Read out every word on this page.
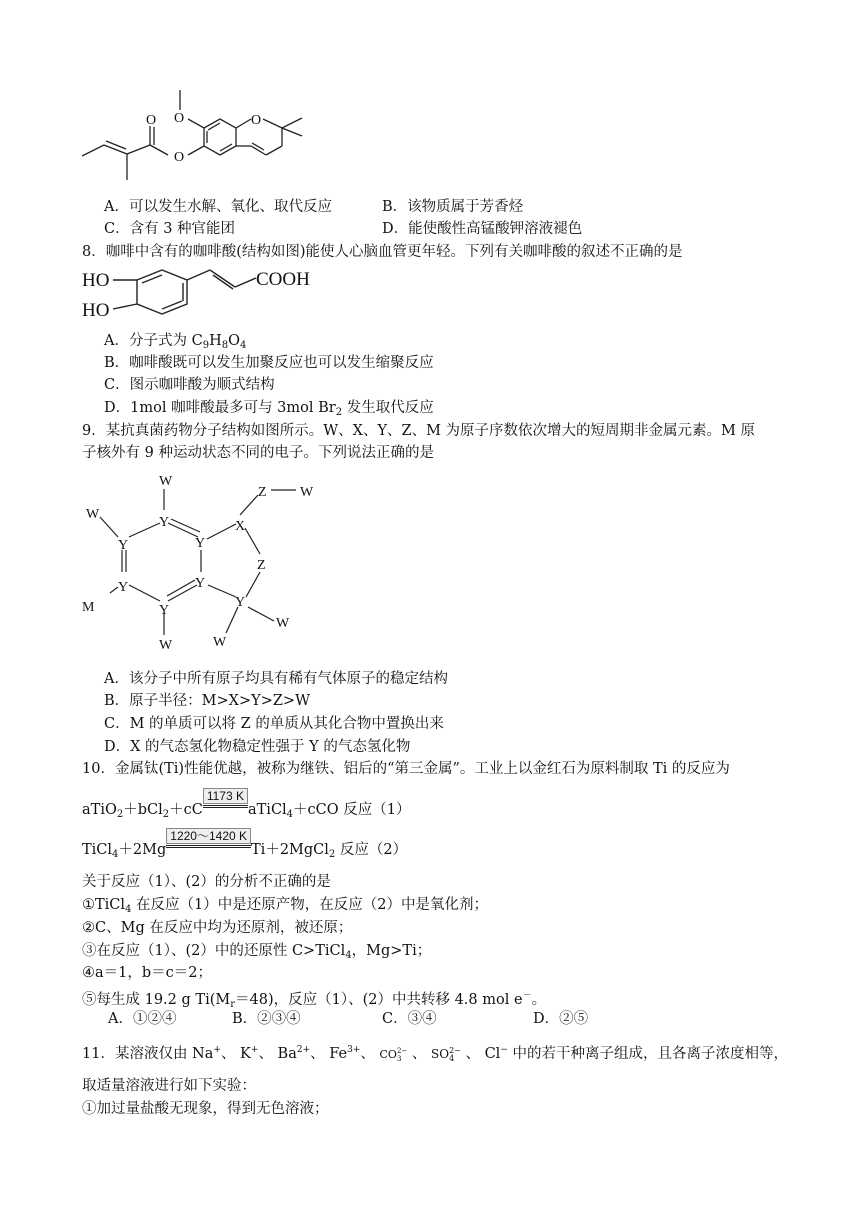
O
O
O
O
A．可以发生水解、氧化、取代反应	B．该物质属于芳香烃
C．含有 3 种官能团	D．能使酸性高锰酸钾溶液褪色
8．咖啡中含有的咖啡酸(结构如图)能使人心脑血管更年轻。下列有关咖啡酸的叙述不正确的是
HO
HO
COOH
A．分子式为 $C_9H_8O_4$
B．咖啡酸既可以发生加聚反应也可以发生缩聚反应
C．图示咖啡酸为顺式结构
D．1mol 咖啡酸最多可与 3mol $Br_2$ 发生取代反应
9．某抗真菌药物分子结构如图所示。W、X、Y、Z、M 为原子序数依次增大的短周期非金属元素。M 原
子核外有 9 种运动状态不同的电子。下列说法正确的是
W
W
Y
Y	Y
X
Z W
Z
Y	Y
M	Y
Y
W	W
W
A．该分子中所有原子均具有稀有气体原子的稳定结构
B．原子半径：M>X>Y>Z>W
C．M 的单质可以将 Z 的单质从其化合物中置换出来
D．X 的气态氢化物稳定性强于 Y 的气态氢化物
10．金属钛(Ti)性能优越，被称为继铁、铝后的“第三金属”。工业上以金红石为原料制取 Ti 的反应为
aTiO$_2$＋bCl$_2$＋cC
1173 K
aTiCl$_4$＋cCO 反应（1）
TiCl$_4$＋2Mg
1220～1420 K
Ti＋2MgCl$_2$ 反应（2）
关于反应（1）、(2）的分析不正确的是
①TiCl$_4$ 在反应（1）中是还原产物，在反应（2）中是氧化剂；
②C、Mg 在反应中均为还原剂，被还原；
③在反应（1）、(2）中的还原性 C>TiCl$_4$，Mg>Ti；
④a＝1，b＝c＝2；
⑤每生成 19.2 g $Ti(M_r=48)$，反应（1）、(2）中共转移 4.8 mol e－。
A．①②④	B．②③④	C．③④	D．②⑤
11．某溶液仅由 Na+、 K+、 $Ba^{2+}$、 $Fe^{3+}$、 CO 2−
3 、 SO 2−
4 、 Cl− 中的若干种离子组成，且各离子浓度相等，
取适量溶液进行如下实验：
①加过量盐酸无现象，得到无色溶液；
